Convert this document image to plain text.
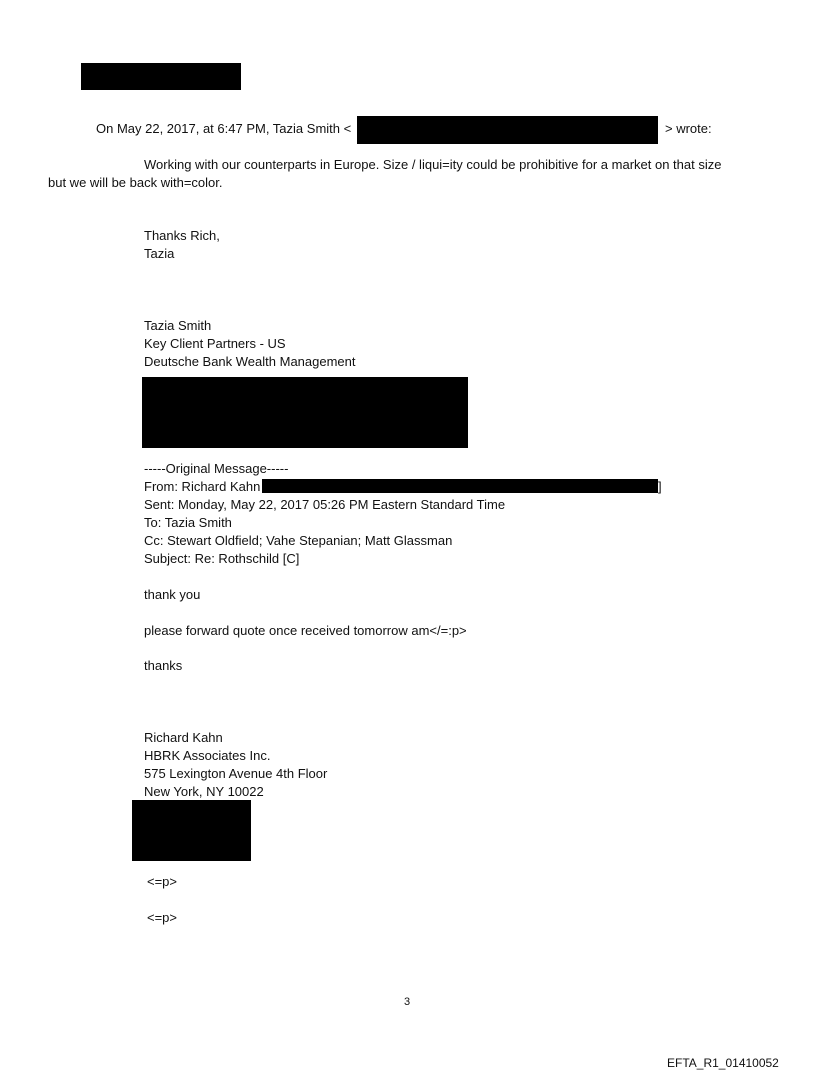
On May 22, 2017, at 6:47 PM, Tazia Smith <	> wrote:
Working with our counterparts in Europe. Size / liqui=ity could be prohibitive for a market on that size
but we will be back with=color.
Thanks Rich,
Tazia
Tazia Smith
Key Client Partners - US
Deutsche Bank Wealth Management
-----Original Message-----
From: Richard Kahn	]
Sent: Monday, May 22, 2017 05:26 PM Eastern Standard Time
To: Tazia Smith
Cc: Stewart Oldfield; Vahe Stepanian; Matt Glassman
Subject: Re: Rothschild [C]
thank you
please forward quote once received tomorrow am</=:p>
thanks
Richard Kahn
HBRK Associates Inc.
575 Lexington Avenue 4th Floor
New York, NY 10022
<=p>
<=p>
3
EFTA_R1_01410052
